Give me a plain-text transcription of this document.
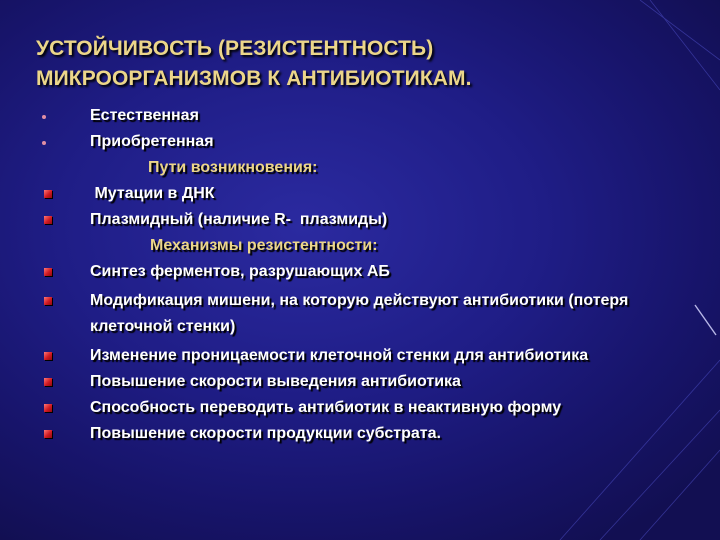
УСТОЙЧИВОСТЬ (РЕЗИСТЕНТНОСТЬ)
МИКРООРГАНИЗМОВ К АНТИБИОТИКАМ.
Естественная
Приобретенная
Пути возникновения:
Мутации в ДНК
Плазмидный (наличие R-  плазмиды)
Механизмы резистентности:
Синтез ферментов, разрушающих АБ
Модификация мишени, на которую действуют антибиотики (потеря клеточной стенки)
Изменение проницаемости клеточной стенки для антибиотика
Повышение скорости выведения антибиотика
Способность переводить антибиотик в неактивную форму
Повышение скорости продукции субстрата.
